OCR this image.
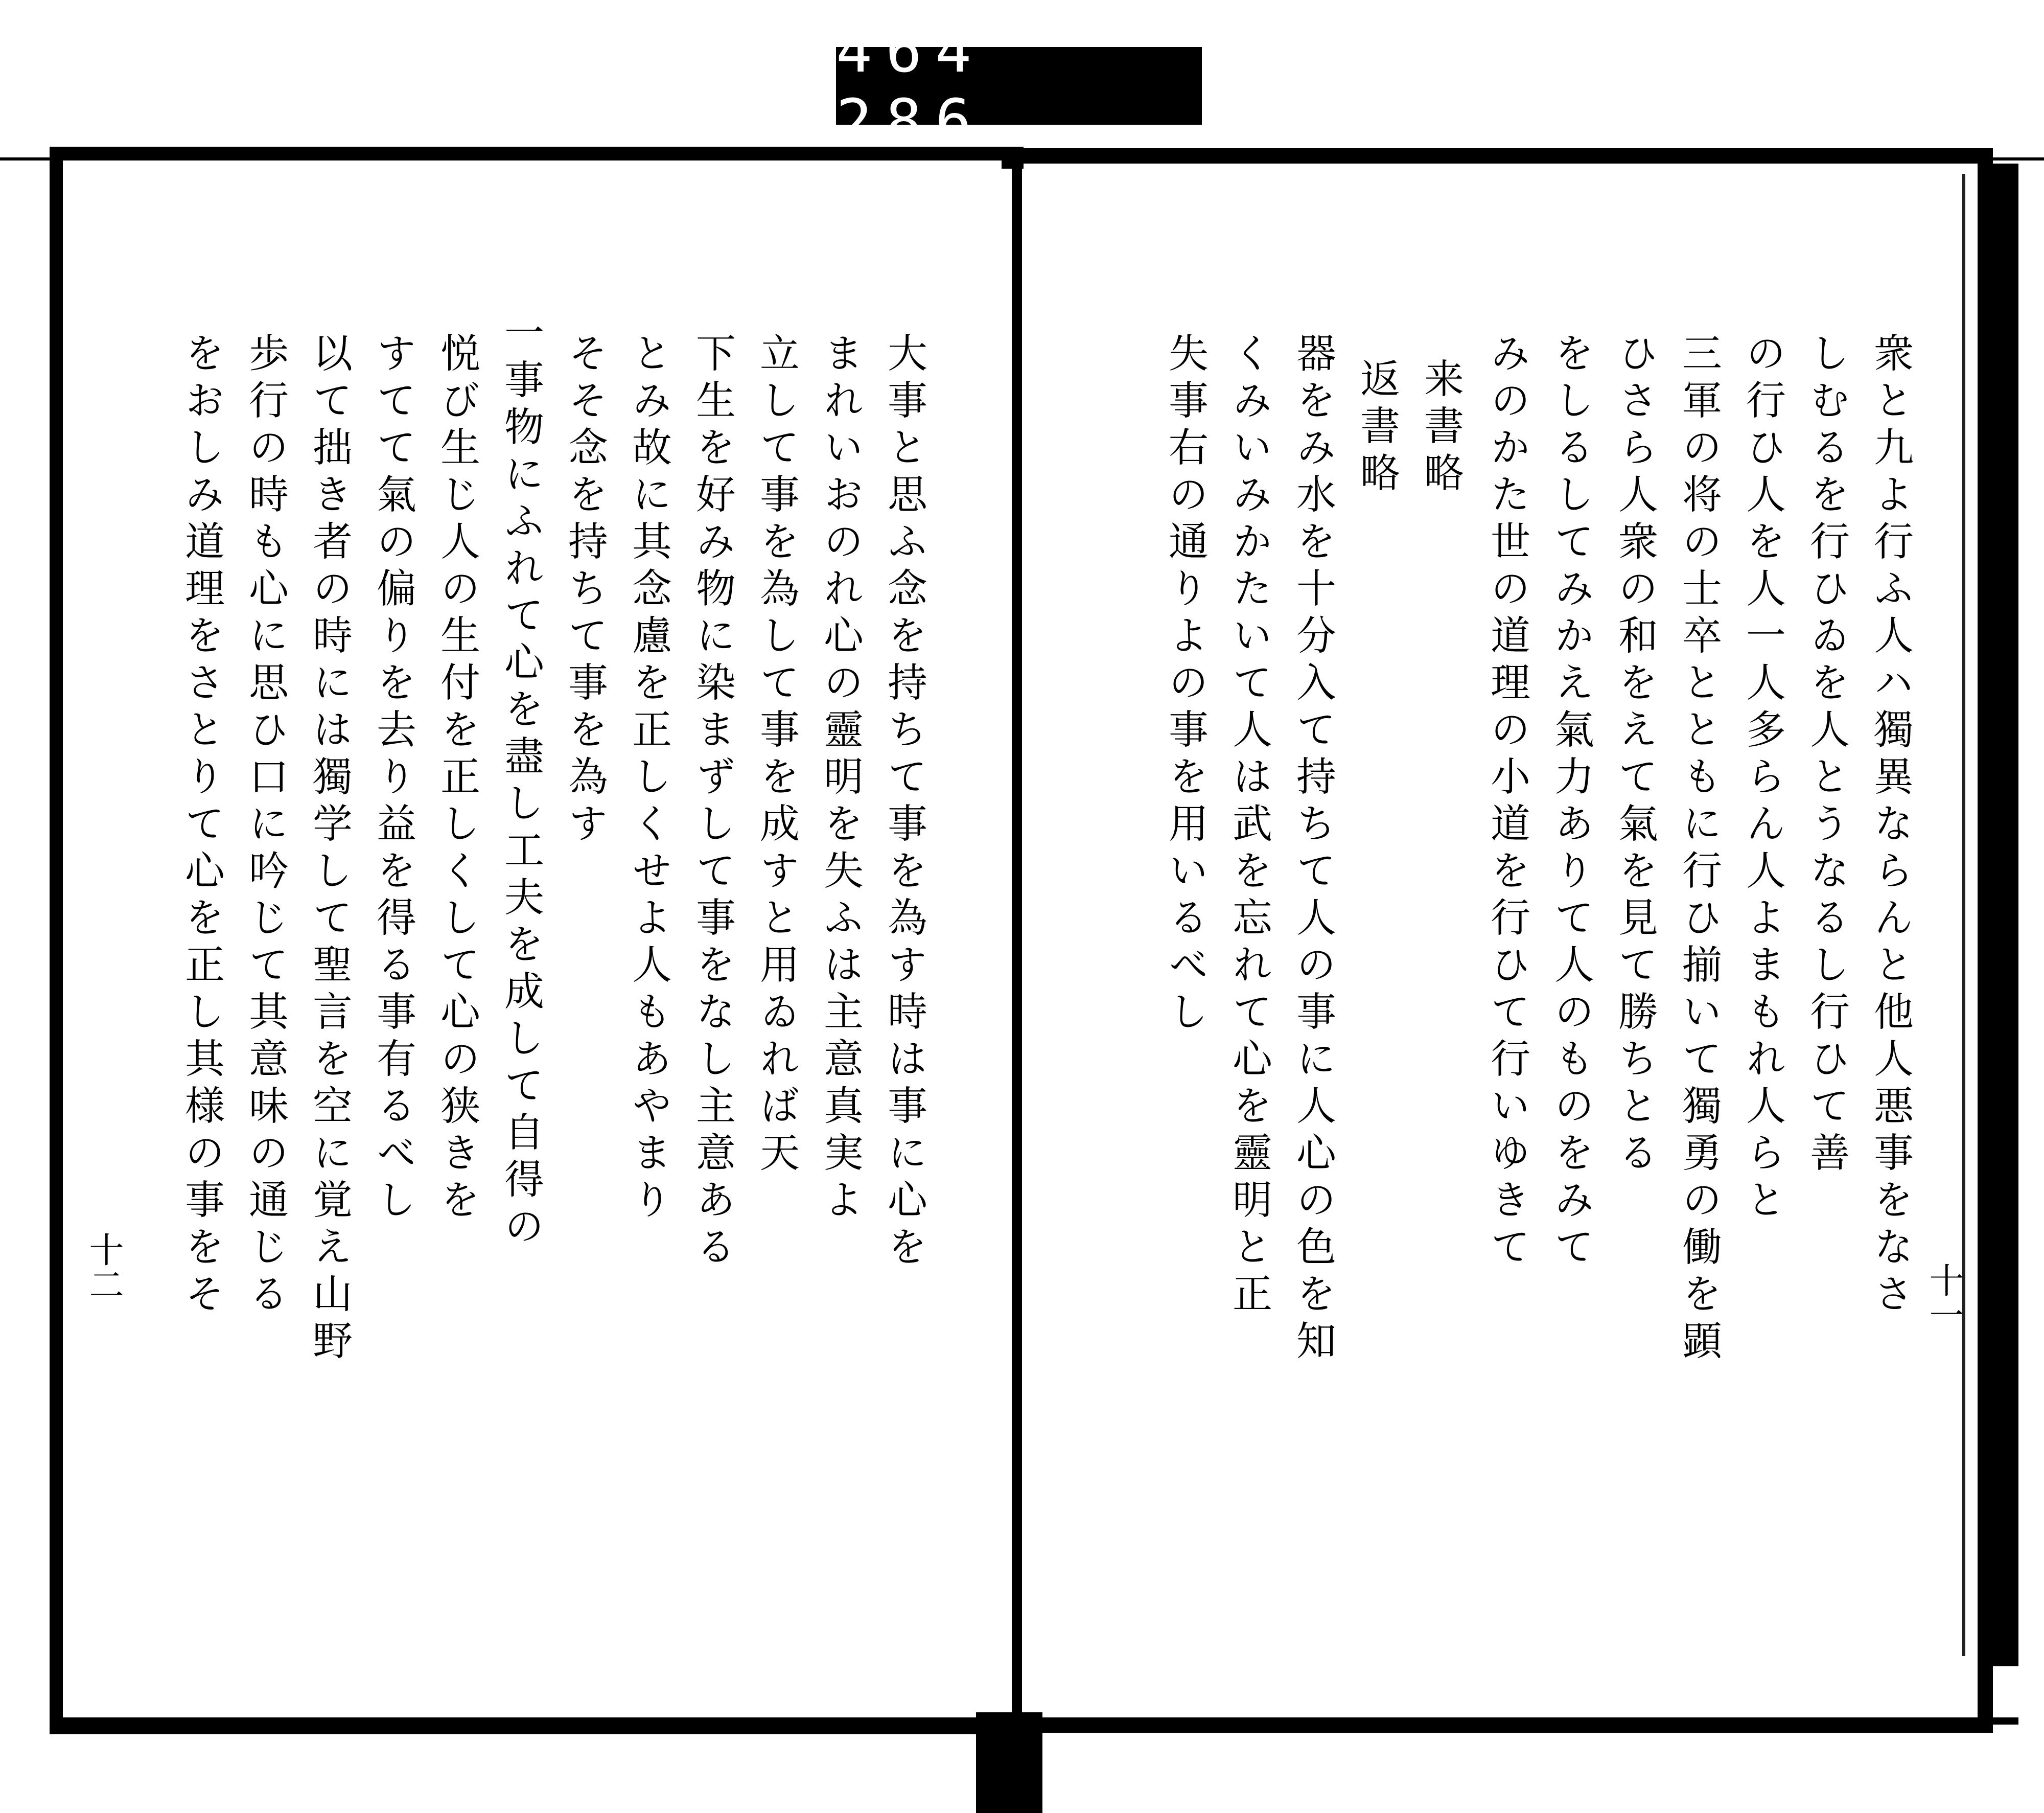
464 286.
大事と思ふ念を持ちて事を為す時は事に心を
まれいおのれ心の靈明を失ふは主意真実よ
立して事を為して事を成すと用ゐれば天
下生を好み物に染まずして事をなし主意ある
とみ故に其念慮を正しくせよ人もあやまり
そそ念を持ちて事を為す
一事物にふれて心を盡し工夫を成して自得の
悦び生じ人の生付を正しくして心の狭きを
すてて氣の偏りを去り益を得る事有るべし
以て拙き者の時には獨学して聖言を空に覚え山野
歩行の時も心に思ひ口に吟じて其意味の通じる
をおしみ道理をさとりて心を正し其様の事をそ
十二	衆と九よ行ふ人ハ獨異ならんと他人悪事をなさ
しむるを行ひゐを人とうなるし行ひて善
の行ひ人を人一人多らん人よまもれ人らと
三軍の将の士卒とともに行ひ揃いて獨勇の働を顕
ひさら人衆の和をえて氣を見て勝ちとる
をしるしてみかえ氣力ありて人のものをみて
みのかた世の道理の小道を行ひて行いゆきて
来書略
返書略
器をみ水を十分入て持ちて人の事に人心の色を知
くみいみかたいて人は武を忘れて心を靈明と正
失事右の通りよの事を用いるべし
十一
